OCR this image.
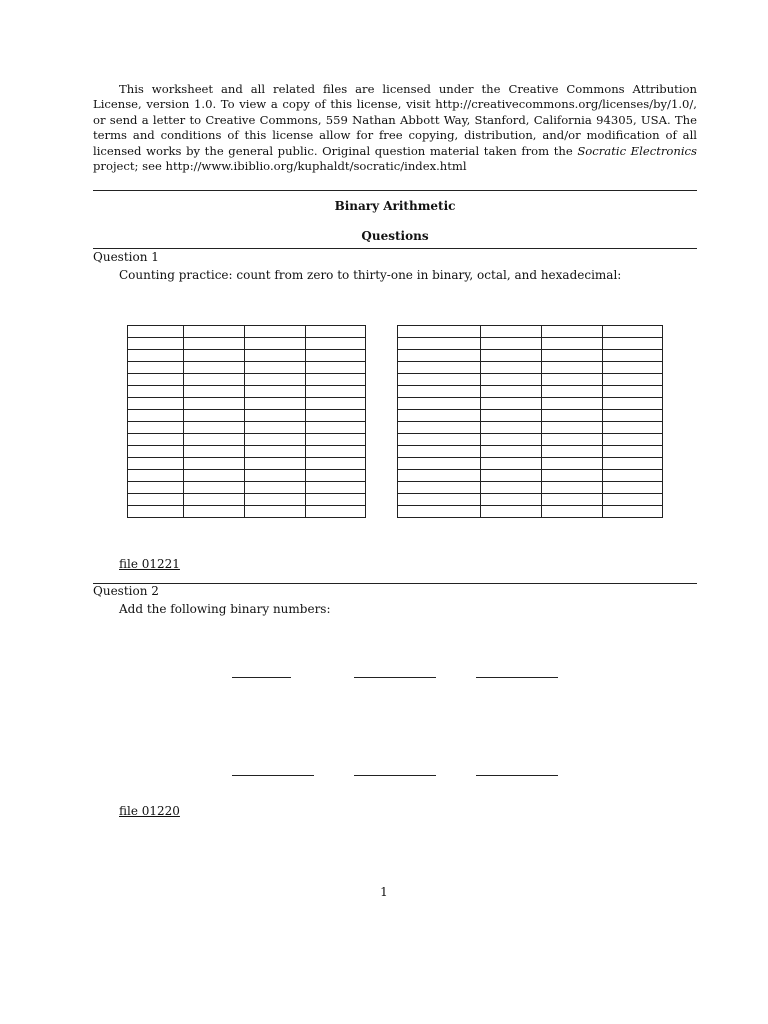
This worksheet and all related files are licensed under the Creative Commons Attribution License, version 1.0. To view a copy of this license, visit http://creativecommons.org/licenses/by/1.0/, or send a letter to Creative Commons, 559 Nathan Abbott Way, Stanford, California 94305, USA. The terms and conditions of this license allow for free copying, distribution, and/or modification of all licensed works by the general public. Original question material taken from the Socratic Electronics project; see http://www.ibiblio.org/kuphaldt/socratic/index.html

Binary Arithmetic
Questions
Question 1
Counting practice: count from zero to thirty-one in binary, octal, and hexadecimal:

file 01221
Question 2
Add the following binary numbers:
file 01220
1
